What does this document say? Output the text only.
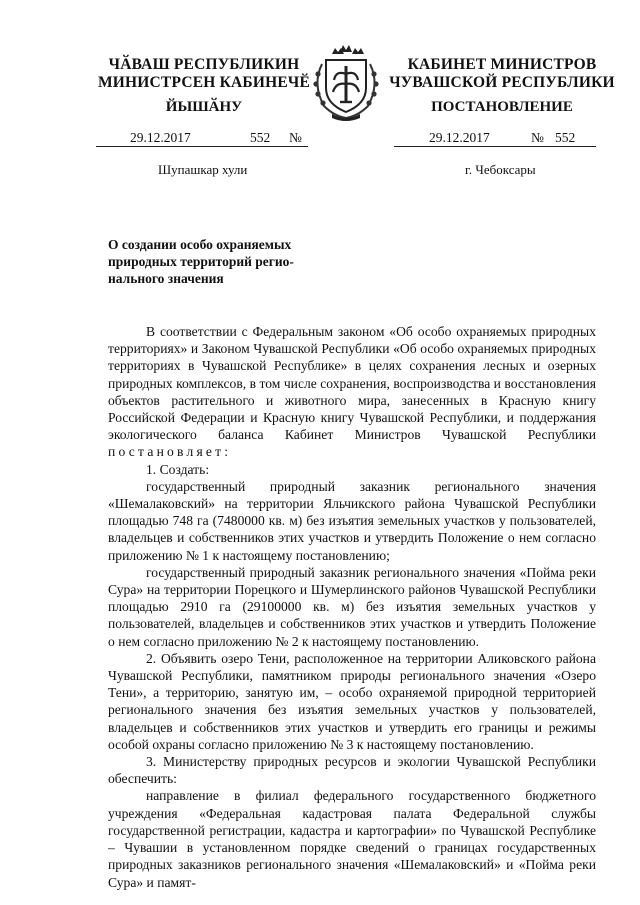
ЧӐВАШ РЕСПУБЛИКИН
МИНИСТРСЕН КАБИНЕЧӖ
ЙЫШӐНУ
КАБИНЕТ МИНИСТРОВ
ЧУВАШСКОЙ РЕСПУБЛИКИ
ПОСТАНОВЛЕНИЕ
29.12.2017	552 №	29.12.2017	№ 552
Шупашкар хули	г. Чебоксары
О создании особо охраняемых
природных территорий регио-
нального значения

В соответствии с Федеральным законом «Об особо охраняемых природных территориях» и Законом Чувашской Республики «Об особо охраняемых природных территориях в Чувашской Республике» в целях сохранения лесных и озерных природных комплексов, в том числе сохранения, воспроизводства и восстановления объектов растительного и животного мира, занесенных в Красную книгу Российской Федерации и Красную книгу Чувашской Республики, и поддержания экологического баланса Кабинет Министров Чувашской Республики постановляет:

1. Создать:

государственный природный заказник регионального значения «Шемалаковский» на территории Яльчикского района Чувашской Республики площадью 748 га (7480000 кв. м) без изъятия земельных участков у пользователей, владельцев и собственников этих участков и утвердить Положение о нем согласно приложению № 1 к настоящему постановлению;

государственный природный заказник регионального значения «Пойма реки Сура» на территории Порецкого и Шумерлинского районов Чувашской Республики площадью 2910 га (29100000 кв. м) без изъятия земельных участков у пользователей, владельцев и собственников этих участков и утвердить Положение о нем согласно приложению № 2 к настоящему постановлению.

2. Объявить озеро Тени, расположенное на территории Аликовского района Чувашской Республики, памятником природы регионального значения «Озеро Тени», а территорию, занятую им, – особо охраняемой природной территорией регионального значения без изъятия земельных участков у пользователей, владельцев и собственников этих участков и утвердить его границы и режимы особой охраны согласно приложению № 3 к настоящему постановлению.

3. Министерству природных ресурсов и экологии Чувашской Республики обеспечить:

направление в филиал федерального государственного бюджетного учреждения «Федеральная кадастровая палата Федеральной службы государственной регистрации, кадастра и картографии» по Чувашской Республике – Чувашии в установленном порядке сведений о границах государственных природных заказников регионального значения «Шемалаковский» и «Пойма реки Сура» и памят-
